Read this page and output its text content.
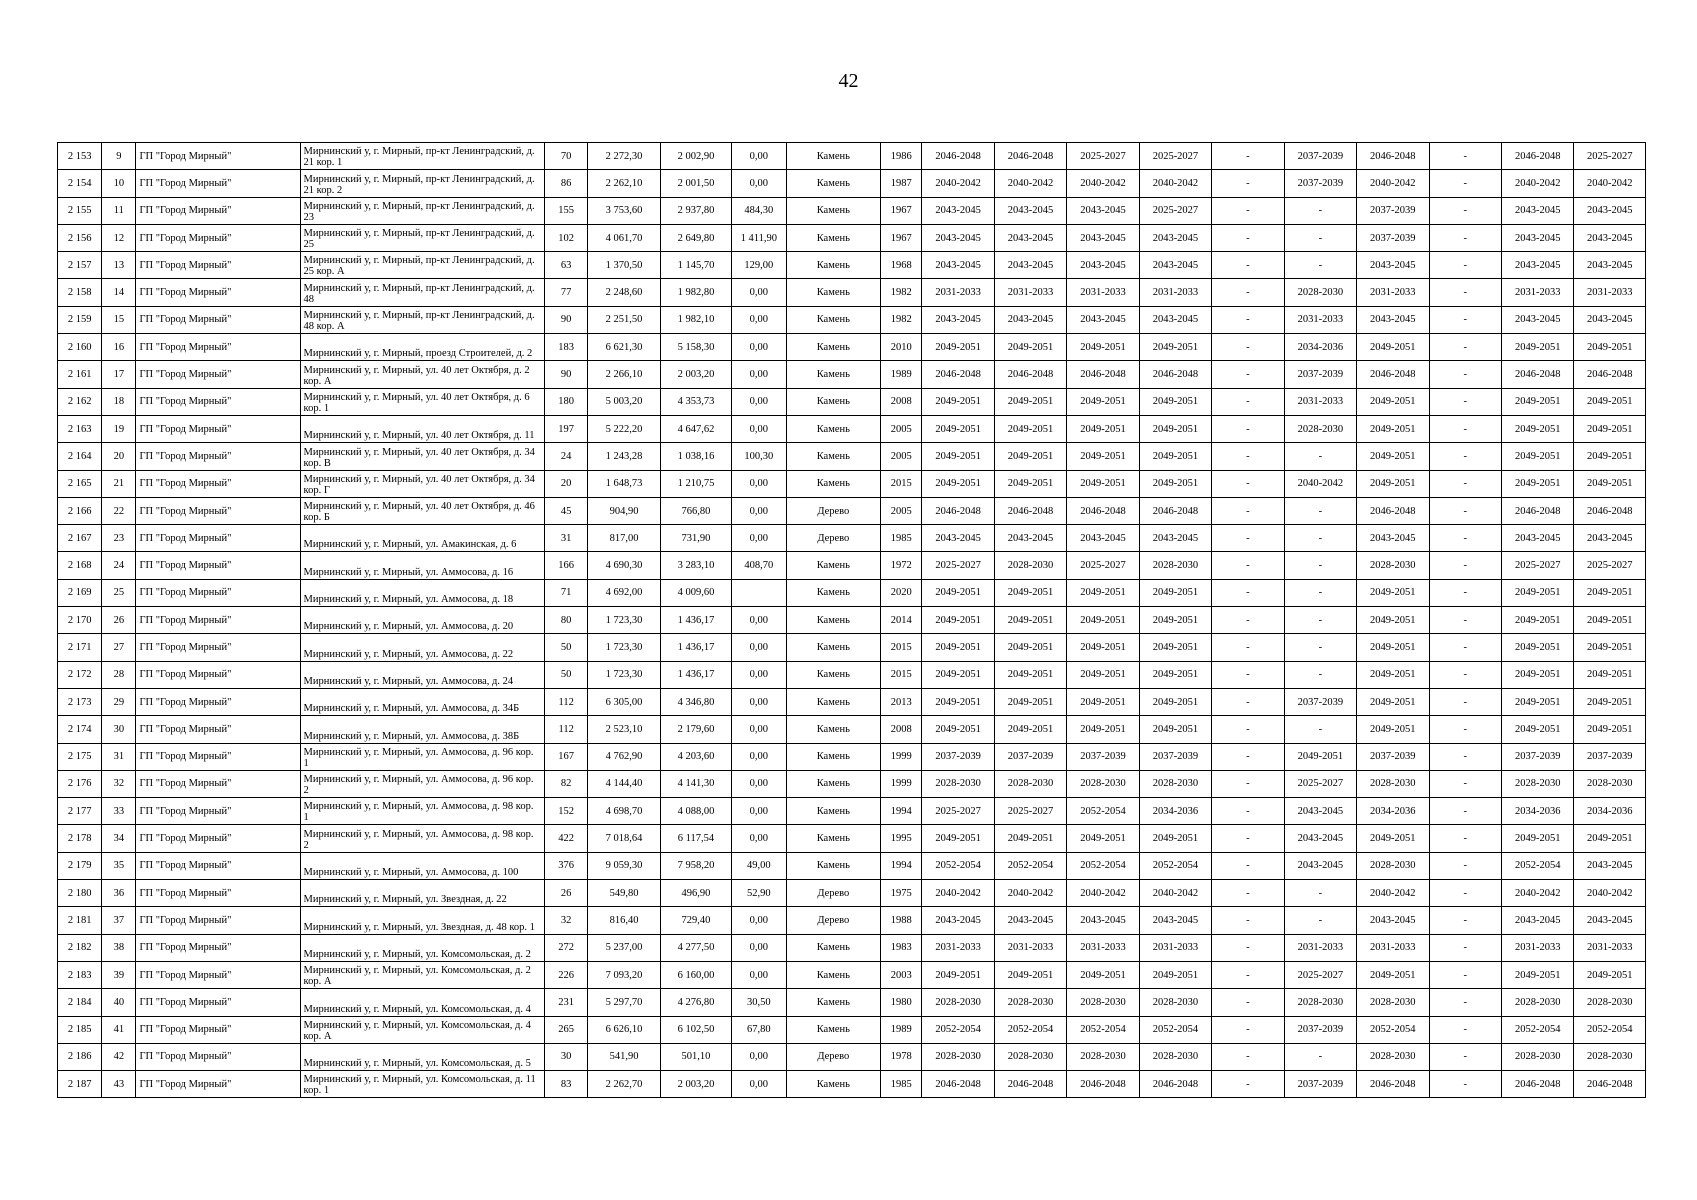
42
2 153	9	ГП "Город Мирный"	Мирнинский у, г. Мирный, пр-кт Ленинградский, д. 21 кор. 1	70	2 272,30	2 002,90	0,00	Камень	1986	2046-2048	2046-2048	2025-2027	2025-2027	-	2037-2039	2046-2048	-	2046-2048	2025-2027
2 154	10	ГП "Город Мирный"	Мирнинский у, г. Мирный, пр-кт Ленинградский, д. 21 кор. 2	86	2 262,10	2 001,50	0,00	Камень	1987	2040-2042	2040-2042	2040-2042	2040-2042	-	2037-2039	2040-2042	-	2040-2042	2040-2042
2 155	11	ГП "Город Мирный"	Мирнинский у, г. Мирный, пр-кт Ленинградский, д. 23	155	3 753,60	2 937,80	484,30	Камень	1967	2043-2045	2043-2045	2043-2045	2025-2027	-	-	2037-2039	-	2043-2045	2043-2045
2 156	12	ГП "Город Мирный"	Мирнинский у, г. Мирный, пр-кт Ленинградский, д. 25	102	4 061,70	2 649,80	1 411,90	Камень	1967	2043-2045	2043-2045	2043-2045	2043-2045	-	-	2037-2039	-	2043-2045	2043-2045
2 157	13	ГП "Город Мирный"	Мирнинский у, г. Мирный, пр-кт Ленинградский, д. 25 кор. А	63	1 370,50	1 145,70	129,00	Камень	1968	2043-2045	2043-2045	2043-2045	2043-2045	-	-	2043-2045	-	2043-2045	2043-2045
2 158	14	ГП "Город Мирный"	Мирнинский у, г. Мирный, пр-кт Ленинградский, д. 48	77	2 248,60	1 982,80	0,00	Камень	1982	2031-2033	2031-2033	2031-2033	2031-2033	-	2028-2030	2031-2033	-	2031-2033	2031-2033
2 159	15	ГП "Город Мирный"	Мирнинский у, г. Мирный, пр-кт Ленинградский, д. 48 кор. А	90	2 251,50	1 982,10	0,00	Камень	1982	2043-2045	2043-2045	2043-2045	2043-2045	-	2031-2033	2043-2045	-	2043-2045	2043-2045
2 160	16	ГП "Город Мирный"	Мирнинский у, г. Мирный, проезд Строителей, д. 2	183	6 621,30	5 158,30	0,00	Камень	2010	2049-2051	2049-2051	2049-2051	2049-2051	-	2034-2036	2049-2051	-	2049-2051	2049-2051
2 161	17	ГП "Город Мирный"	Мирнинский у, г. Мирный, ул. 40 лет Октября, д. 2 кор. А	90	2 266,10	2 003,20	0,00	Камень	1989	2046-2048	2046-2048	2046-2048	2046-2048	-	2037-2039	2046-2048	-	2046-2048	2046-2048
2 162	18	ГП "Город Мирный"	Мирнинский у, г. Мирный, ул. 40 лет Октября, д. 6 кор. 1	180	5 003,20	4 353,73	0,00	Камень	2008	2049-2051	2049-2051	2049-2051	2049-2051	-	2031-2033	2049-2051	-	2049-2051	2049-2051
2 163	19	ГП "Город Мирный"	Мирнинский у, г. Мирный, ул. 40 лет Октября, д. 11	197	5 222,20	4 647,62	0,00	Камень	2005	2049-2051	2049-2051	2049-2051	2049-2051	-	2028-2030	2049-2051	-	2049-2051	2049-2051
2 164	20	ГП "Город Мирный"	Мирнинский у, г. Мирный, ул. 40 лет Октября, д. 34 кор. В	24	1 243,28	1 038,16	100,30	Камень	2005	2049-2051	2049-2051	2049-2051	2049-2051	-	-	2049-2051	-	2049-2051	2049-2051
2 165	21	ГП "Город Мирный"	Мирнинский у, г. Мирный, ул. 40 лет Октября, д. 34 кор. Г	20	1 648,73	1 210,75	0,00	Камень	2015	2049-2051	2049-2051	2049-2051	2049-2051	-	2040-2042	2049-2051	-	2049-2051	2049-2051
2 166	22	ГП "Город Мирный"	Мирнинский у, г. Мирный, ул. 40 лет Октября, д. 46 кор. Б	45	904,90	766,80	0,00	Дерево	2005	2046-2048	2046-2048	2046-2048	2046-2048	-	-	2046-2048	-	2046-2048	2046-2048
2 167	23	ГП "Город Мирный"	Мирнинский у, г. Мирный, ул. Амакинская, д. 6	31	817,00	731,90	0,00	Дерево	1985	2043-2045	2043-2045	2043-2045	2043-2045	-	-	2043-2045	-	2043-2045	2043-2045
2 168	24	ГП "Город Мирный"	Мирнинский у, г. Мирный, ул. Аммосова, д. 16	166	4 690,30	3 283,10	408,70	Камень	1972	2025-2027	2028-2030	2025-2027	2028-2030	-	-	2028-2030	-	2025-2027	2025-2027
2 169	25	ГП "Город Мирный"	Мирнинский у, г. Мирный, ул. Аммосова, д. 18	71	4 692,00	4 009,60		Камень	2020	2049-2051	2049-2051	2049-2051	2049-2051	-	-	2049-2051	-	2049-2051	2049-2051
2 170	26	ГП "Город Мирный"	Мирнинский у, г. Мирный, ул. Аммосова, д. 20	80	1 723,30	1 436,17	0,00	Камень	2014	2049-2051	2049-2051	2049-2051	2049-2051	-	-	2049-2051	-	2049-2051	2049-2051
2 171	27	ГП "Город Мирный"	Мирнинский у, г. Мирный, ул. Аммосова, д. 22	50	1 723,30	1 436,17	0,00	Камень	2015	2049-2051	2049-2051	2049-2051	2049-2051	-	-	2049-2051	-	2049-2051	2049-2051
2 172	28	ГП "Город Мирный"	Мирнинский у, г. Мирный, ул. Аммосова, д. 24	50	1 723,30	1 436,17	0,00	Камень	2015	2049-2051	2049-2051	2049-2051	2049-2051	-	-	2049-2051	-	2049-2051	2049-2051
2 173	29	ГП "Город Мирный"	Мирнинский у, г. Мирный, ул. Аммосова, д. 34Б	112	6 305,00	4 346,80	0,00	Камень	2013	2049-2051	2049-2051	2049-2051	2049-2051	-	2037-2039	2049-2051	-	2049-2051	2049-2051
2 174	30	ГП "Город Мирный"	Мирнинский у, г. Мирный, ул. Аммосова, д. 38Б	112	2 523,10	2 179,60	0,00	Камень	2008	2049-2051	2049-2051	2049-2051	2049-2051	-	-	2049-2051	-	2049-2051	2049-2051
2 175	31	ГП "Город Мирный"	Мирнинский у, г. Мирный, ул. Аммосова, д. 96 кор. 1	167	4 762,90	4 203,60	0,00	Камень	1999	2037-2039	2037-2039	2037-2039	2037-2039	-	2049-2051	2037-2039	-	2037-2039	2037-2039
2 176	32	ГП "Город Мирный"	Мирнинский у, г. Мирный, ул. Аммосова, д. 96 кор. 2	82	4 144,40	4 141,30	0,00	Камень	1999	2028-2030	2028-2030	2028-2030	2028-2030	-	2025-2027	2028-2030	-	2028-2030	2028-2030
2 177	33	ГП "Город Мирный"	Мирнинский у, г. Мирный, ул. Аммосова, д. 98 кор. 1	152	4 698,70	4 088,00	0,00	Камень	1994	2025-2027	2025-2027	2052-2054	2034-2036	-	2043-2045	2034-2036	-	2034-2036	2034-2036
2 178	34	ГП "Город Мирный"	Мирнинский у, г. Мирный, ул. Аммосова, д. 98 кор. 2	422	7 018,64	6 117,54	0,00	Камень	1995	2049-2051	2049-2051	2049-2051	2049-2051	-	2043-2045	2049-2051	-	2049-2051	2049-2051
2 179	35	ГП "Город Мирный"	Мирнинский у, г. Мирный, ул. Аммосова, д. 100	376	9 059,30	7 958,20	49,00	Камень	1994	2052-2054	2052-2054	2052-2054	2052-2054	-	2043-2045	2028-2030	-	2052-2054	2043-2045
2 180	36	ГП "Город Мирный"	Мирнинский у, г. Мирный, ул. Звездная, д. 22	26	549,80	496,90	52,90	Дерево	1975	2040-2042	2040-2042	2040-2042	2040-2042	-	-	2040-2042	-	2040-2042	2040-2042
2 181	37	ГП "Город Мирный"	Мирнинский у, г. Мирный, ул. Звездная, д. 48 кор. 1	32	816,40	729,40	0,00	Дерево	1988	2043-2045	2043-2045	2043-2045	2043-2045	-	-	2043-2045	-	2043-2045	2043-2045
2 182	38	ГП "Город Мирный"	Мирнинский у, г. Мирный, ул. Комсомольская, д. 2	272	5 237,00	4 277,50	0,00	Камень	1983	2031-2033	2031-2033	2031-2033	2031-2033	-	2031-2033	2031-2033	-	2031-2033	2031-2033
2 183	39	ГП "Город Мирный"	Мирнинский у, г. Мирный, ул. Комсомольская, д. 2 кор. А	226	7 093,20	6 160,00	0,00	Камень	2003	2049-2051	2049-2051	2049-2051	2049-2051	-	2025-2027	2049-2051	-	2049-2051	2049-2051
2 184	40	ГП "Город Мирный"	Мирнинский у, г. Мирный, ул. Комсомольская, д. 4	231	5 297,70	4 276,80	30,50	Камень	1980	2028-2030	2028-2030	2028-2030	2028-2030	-	2028-2030	2028-2030	-	2028-2030	2028-2030
2 185	41	ГП "Город Мирный"	Мирнинский у, г. Мирный, ул. Комсомольская, д. 4 кор. А	265	6 626,10	6 102,50	67,80	Камень	1989	2052-2054	2052-2054	2052-2054	2052-2054	-	2037-2039	2052-2054	-	2052-2054	2052-2054
2 186	42	ГП "Город Мирный"	Мирнинский у, г. Мирный, ул. Комсомольская, д. 5	30	541,90	501,10	0,00	Дерево	1978	2028-2030	2028-2030	2028-2030	2028-2030	-	-	2028-2030	-	2028-2030	2028-2030
2 187	43	ГП "Город Мирный"	Мирнинский у, г. Мирный, ул. Комсомольская, д. 11 кор. 1	83	2 262,70	2 003,20	0,00	Камень	1985	2046-2048	2046-2048	2046-2048	2046-2048	-	2037-2039	2046-2048	-	2046-2048	2046-2048
